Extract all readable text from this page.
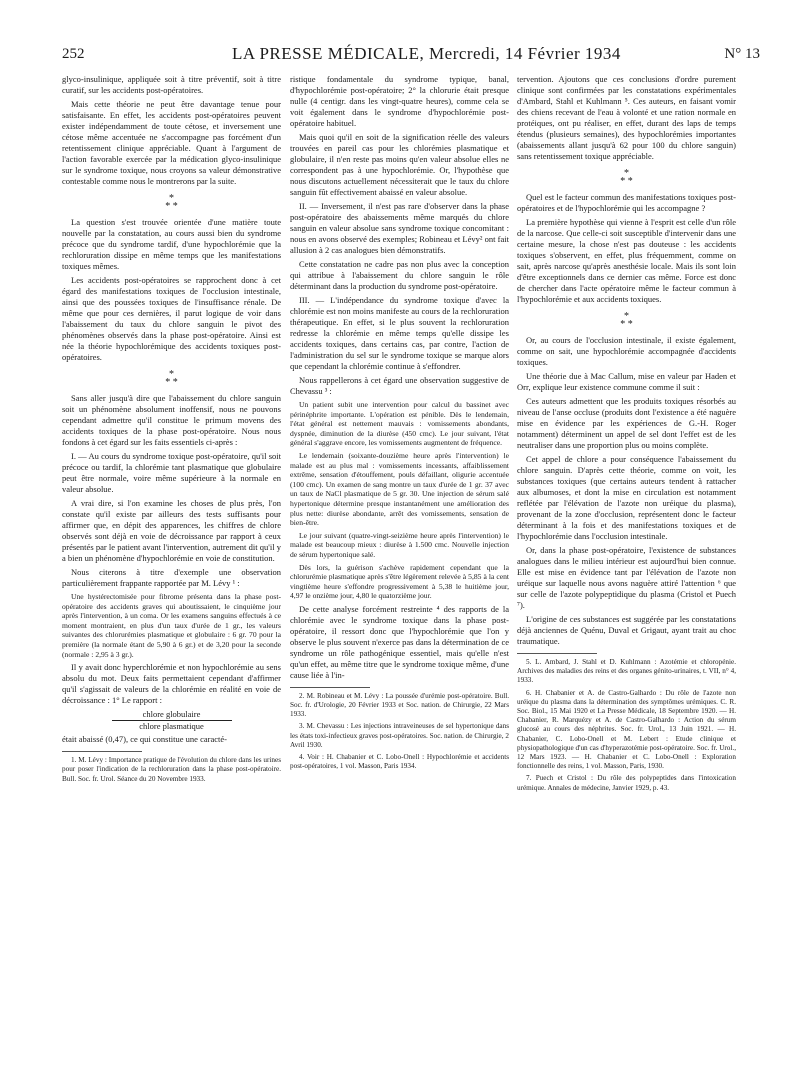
252	LA PRESSE MÉDICALE, Mercredi, 14 Février 1934	N° 13

glyco-insulinique, appliquée soit à titre préventif, soit à titre curatif, sur les accidents post-opératoires.

Mais cette théorie ne peut être davantage tenue pour satisfaisante. En effet, les accidents post-opératoires peuvent exister indépendamment de toute cétose, et inversement une cétose même accentuée ne s'accompagne pas forcément d'un retentissement clinique appréciable. Quant à l'argument de l'action favorable exercée par la médication glyco-insulinique sur le syndrome toxique, nous croyons sa valeur démonstrative contestable comme nous le montrerons par la suite.

*
* *

La question s'est trouvée orientée d'une matière toute nouvelle par la constatation, au cours aussi bien du syndrome précoce que du syndrome tardif, d'une hypochlorémie que la rechloruration dissipe en même temps que les manifestations toxiques mêmes.

Les accidents post-opératoires se rapprochent donc à cet égard des manifestations toxiques de l'occlusion intestinale, ainsi que des poussées toxiques de l'insuffisance rénale. De même que pour ces dernières, il parut logique de voir dans l'abaissement du taux du chlore sanguin le pivot des phénomènes observés dans la phase post-opératoire. Ainsi est née la théorie hypochlorémique des accidents toxiques post-opératoires.

*
* *

Sans aller jusqu'à dire que l'abaissement du chlore sanguin soit un phénomène absolument inoffensif, nous ne pouvons cependant admettre qu'il constitue le primum movens des accidents toxiques de la phase post-opératoire. Nous nous fondons à cet égard sur les faits essentiels ci-après :

I. — Au cours du syndrome toxique post-opératoire, qu'il soit précoce ou tardif, la chlorémie tant plasmatique que globulaire peut être normale, voire même supérieure à la normale en valeur absolue.

A vrai dire, si l'on examine les choses de plus près, l'on constate qu'il existe par ailleurs des tests suffisants pour affirmer que, en dépit des apparences, les chiffres de chlore observés sont déjà en voie de décroissance par rapport à ceux présentés par le patient avant l'intervention, autrement dit qu'il y a bien un phénomène d'hypochlorémie en voie de constitution.

Nous citerons à titre d'exemple une observation particulièrement frappante rapportée par M. Lévy ¹ :

Une hystérectomisée pour fibrome présenta dans la phase post-opératoire des accidents graves qui aboutissaient, le cinquième jour après l'intervention, à un coma. Or les examens sanguins effectués à ce moment montraient, en plus d'un taux d'urée de 1 gr., les valeurs suivantes des chlorurémies plasmatique et globulaire : 6 gr. 70 pour la première (la normale étant de 5,90 à 6 gr.) et de 3,20 pour la seconde (normale : 2,95 à 3 gr.).

Il y avait donc hyperchlorémie et non hypochlorémie au sens absolu du mot. Deux faits permettaient cependant d'affirmer qu'il s'agissait de valeurs de la chlorémie en réalité en voie de décroissance : 1° Le rapport :

chlore globulaire
chlore plasmatique

était abaissé (0,47), ce qui constitue une caracté-

1. M. Lévy : Importance pratique de l'évolution du chlore dans les urines pour poser l'indication de la rechloruration dans la phase post-opératoire. Bull. Soc. fr. Urol. Séance du 20 Novembre 1933.

ristique fondamentale du syndrome typique, banal, d'hypochlorémie post-opératoire; 2° la chlorurie était presque nulle (4 centigr. dans les vingt-quatre heures), comme cela se voit également dans le syndrome d'hypochlorémie post-opératoire habituel.

Mais quoi qu'il en soit de la signification réelle des valeurs trouvées en pareil cas pour les chlorémies plasmatique et globulaire, il n'en reste pas moins qu'en valeur absolue elles ne correspondent pas à une hypochlorémie. Or, l'hypothèse que nous discutons actuellement nécessiterait que le taux du chlore sanguin fût effectivement abaissé en valeur absolue.

II. — Inversement, il n'est pas rare d'observer dans la phase post-opératoire des abaissements même marqués du chlore sanguin en valeur absolue sans syndrome toxique concomitant : nous en avons observé des exemples; Robineau et Lévy² ont fait allusion à 2 cas analogues bien démonstratifs.

Cette constatation ne cadre pas non plus avec la conception qui attribue à l'abaissement du chlore sanguin le rôle déterminant dans la production du syndrome post-opératoire.

III. — L'indépendance du syndrome toxique d'avec la chlorémie est non moins manifeste au cours de la rechloruration thérapeutique. En effet, si le plus souvent la rechloruration redresse la chlorémie en même temps qu'elle dissipe les accidents toxiques, dans certains cas, par contre, l'action de l'administration du sel sur le syndrome toxique se marque alors que cependant la chlorémie continue à s'effondrer.

Nous rappellerons à cet égard une observation suggestive de Chevassu ³ :

Un patient subit une intervention pour calcul du bassinet avec périnéphrite importante. L'opération est pénible. Dès le lendemain, l'état général est nettement mauvais : vomissements abondants, dyspnée, diminution de la diurèse (450 cmc). Le jour suivant, l'état général s'aggrave encore, les vomissements augmentent de fréquence.

Le lendemain (soixante-douzième heure après l'intervention) le malade est au plus mal : vomissements incessants, affaiblissement extrême, sensation d'étouffement, pouls défaillant, oligurie accentuée (100 cmc). Un examen de sang montre un taux d'urée de 1 gr. 37 avec un taux de NaCl plasmatique de 5 gr. 30. Une injection de sérum salé hypertonique détermine presque instantanément une amélioration des plus nette: diurèse abondante, arrêt des vomissements, sensation de bien-être.

Le jour suivant (quatre-vingt-seizième heure après l'intervention) le malade est beaucoup mieux : diurèse à 1.500 cmc. Nouvelle injection de sérum hypertonique salé.

Dès lors, la guérison s'achève rapidement cependant que la chlorurémie plasmatique après s'être légèrement relevée à 5,85 à la cent vingtième heure s'effondre progressivement à 5,38 le huitième jour, 4,97 le onzième jour, 4,80 le quatorzième jour.

De cette analyse forcément restreinte ⁴ des rapports de la chlorémie avec le syndrome toxique dans la phase post-opératoire, il ressort donc que l'hypochlorémie que l'on y observe le plus souvent n'exerce pas dans la détermination de ce syndrome un rôle pathogénique essentiel, mais qu'elle n'est qu'un effet, au même titre que le syndrome toxique même, d'une cause liée à l'in-

2. M. Robineau et M. Lévy : La poussée d'urémie post-opératoire. Bull. Soc. fr. d'Urologie, 20 Février 1933 et Soc. nation. de Chirurgie, 22 Mars 1933.

3. M. Chevassu : Les injections intraveineuses de sel hypertonique dans les états toxi-infectieux graves post-opératoires. Soc. nation. de Chirurgie, 2 Avril 1930.

4. Voir : H. Chabanier et C. Lobo-Onell : Hypochlorémie et accidents post-opératoires, 1 vol. Masson, Paris 1934.

tervention. Ajoutons que ces conclusions d'ordre purement clinique sont confirmées par les constatations expérimentales d'Ambard, Stahl et Kuhlmann ⁵. Ces auteurs, en faisant vomir des chiens recevant de l'eau à volonté et une ration normale en protéiques, ont pu réaliser, en effet, durant des laps de temps étendus (plusieurs semaines), des hypochlorémies importantes (abaissements allant jusqu'à 62 pour 100 du chlore sanguin) sans retentissement toxique appréciable.

*
* *

Quel est le facteur commun des manifestations toxiques post-opératoires et de l'hypochlorémie qui les accompagne ?

La première hypothèse qui vienne à l'esprit est celle d'un rôle de la narcose. Que celle-ci soit susceptible d'intervenir dans une certaine mesure, la chose n'est pas douteuse : les accidents toxiques s'observent, en effet, plus fréquemment, comme on sait, après narcose qu'après anesthésie locale. Mais ils sont loin d'être exceptionnels dans ce dernier cas même. Force est donc de chercher dans l'acte opératoire même le facteur commun à l'hypochlorémie et aux accidents toxiques.

*
* *

Or, au cours de l'occlusion intestinale, il existe également, comme on sait, une hypochlorémie accompagnée d'accidents toxiques.

Une théorie due à Mac Callum, mise en valeur par Haden et Orr, explique leur existence commune comme il suit :

Ces auteurs admettent que les produits toxiques résorbés au niveau de l'anse occluse (produits dont l'existence a été naguère mise en évidence par les expériences de G.-H. Roger notamment) déterminent un appel de sel dont l'effet est de les neutraliser dans une proportion plus ou moins complète.

Cet appel de chlore a pour conséquence l'abaissement du chlore sanguin. D'après cette théorie, comme on voit, les substances toxiques (que certains auteurs tendent à rattacher aux albumoses, et dont la mise en circulation est notamment reflétée par l'élévation de l'azote non uréique du plasma), provenant de la zone d'occlusion, représentent donc le facteur déterminant à la fois et des manifestations toxiques et de l'hypochlorémie dans l'occlusion intestinale.

Or, dans la phase post-opératoire, l'existence de substances analogues dans le milieu intérieur est aujourd'hui bien connue. Elle est mise en évidence tant par l'élévation de l'azote non uréique sur laquelle nous avons naguère attiré l'attention ⁶ que sur celle de l'azote polypeptidique du plasma (Cristol et Puech ⁷).

L'origine de ces substances est suggérée par les constatations déjà anciennes de Quénu, Duval et Grigaut, ayant trait au choc traumatique.

5. L. Ambard, J. Stahl et D. Kuhlmann : Azotémie et chloropénie. Archives des maladies des reins et des organes génito-urinaires, t. VII, n° 4, 1933.

6. H. Chabanier et A. de Castro-Galhardo : Du rôle de l'azote non uréique du plasma dans la détermination des symptômes urémiques. C. R. Soc. Biol., 15 Mai 1920 et La Presse Médicale, 18 Septembre 1920. — H. Chabanier, R. Marquézy et A. de Castro-Galhardo : Action du sérum glucosé au cours des néphrites. Soc. fr. Urol., 13 Juin 1921. — H. Chabanier, C. Lobo-Onell et M. Lebert : Etude clinique et physiopathologique d'un cas d'hyperazotémie post-opératoire. Soc. fr. Urol., 12 Mars 1923. — H. Chabanier et C. Lobo-Onell : Exploration fonctionnelle des reins, 1 vol. Masson, Paris, 1930.

7. Puech et Cristol : Du rôle des polypeptides dans l'intoxication urémique. Annales de médecine, Janvier 1929, p. 43.
